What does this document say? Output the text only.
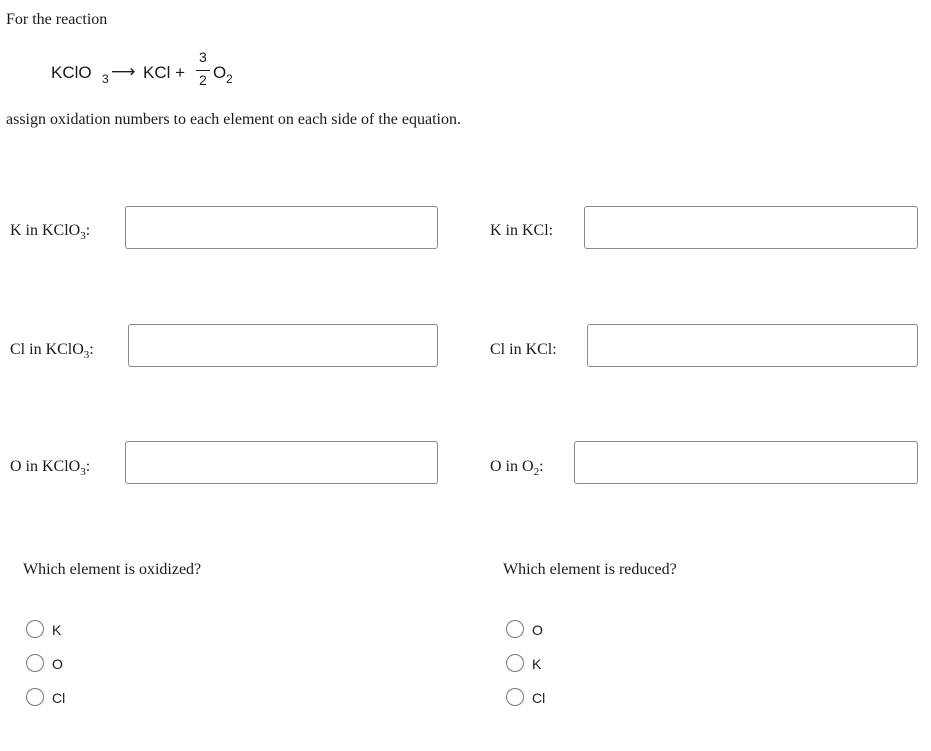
For the reaction
KClO 3 ⟶ KCl +
3
2 O 2
assign oxidation numbers to each element on each side of the equation.
K in KClO$_3$:	K in KCl:
Cl in KClO$_3$:	Cl in KCl:
O in KClO$_3$:	O in $O_2$:
Which element is oxidized?
K
O
Cl
Which element is reduced?
O
K
Cl
